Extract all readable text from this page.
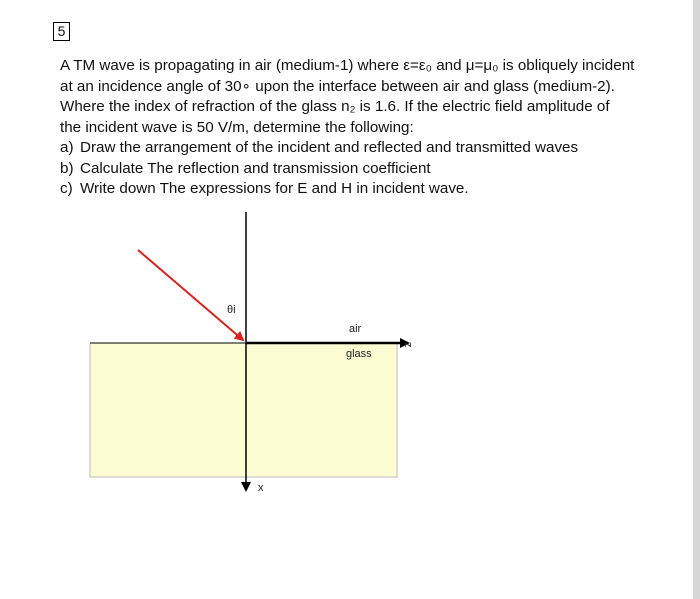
5
A TM wave is propagating in air (medium-1) where ε=ε₀ and μ=μ₀ is obliquely incident
at an incidence angle of 30∘ upon the interface between air and glass (medium-2).
Where the index of refraction of the glass n₂ is 1.6. If the electric field amplitude of
the incident wave is 50 V/m, determine the following:
a) Draw the arrangement of the incident and reflected and transmitted waves
b) Calculate The reflection and transmission coefficient
c) Write down The expressions for E and H in incident wave.
θi
air
glass
z
x
